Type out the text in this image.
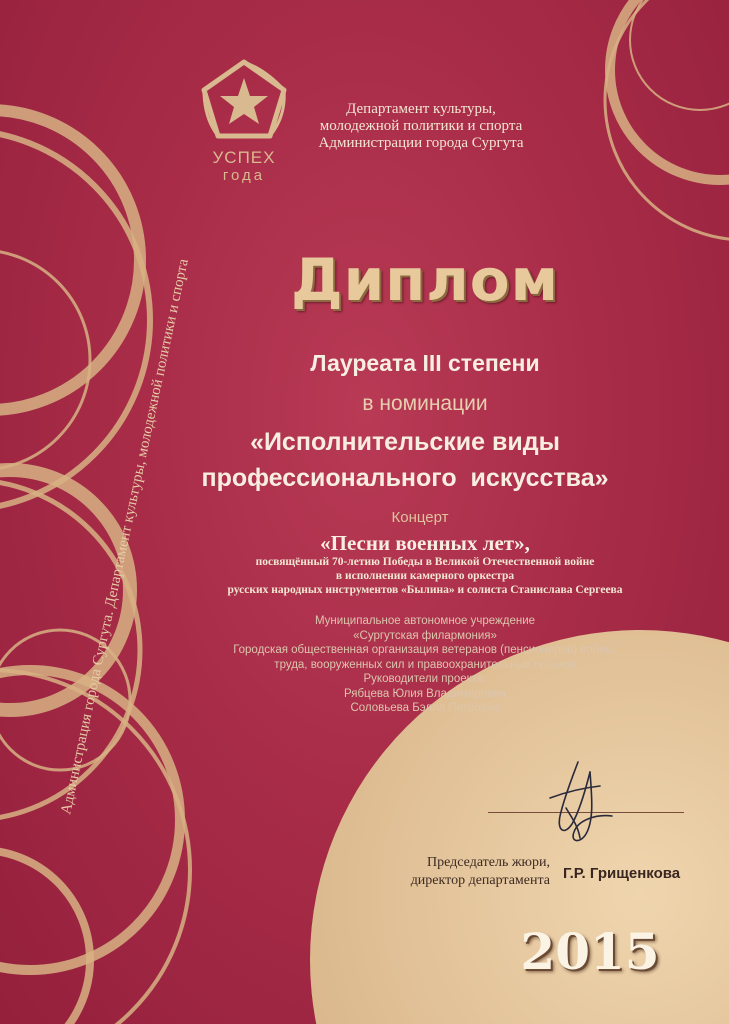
Администрация города Сургута. Департамент культуры, молодежной политики и спорта
УСПЕХ
года
Департамент культуры,
молодежной политики и спорта
Администрации города Сургута
Диплом
Лауреата III степени
в номинации
«Исполнительские виды
профессионального  искусства»
Концерт
«Песни военных лет»,
посвящённый 70-летию Победы в Великой Отечественной войне
в исполнении камерного оркестра
русских народных инструментов «Былина» и солиста Станислава Сергеева
Муниципальное автономное учреждение
«Сургутская филармония»
Городская общественная организация ветеранов (пенсионеров) войны,
труда, вооруженных сил и правоохранительных органов
Руководители проекта:
Рябцева Юлия Владимировна
Соловьева Бэлла Петровна
Председатель жюри,
директор департамента Г.Р. Грищенкова
2015
